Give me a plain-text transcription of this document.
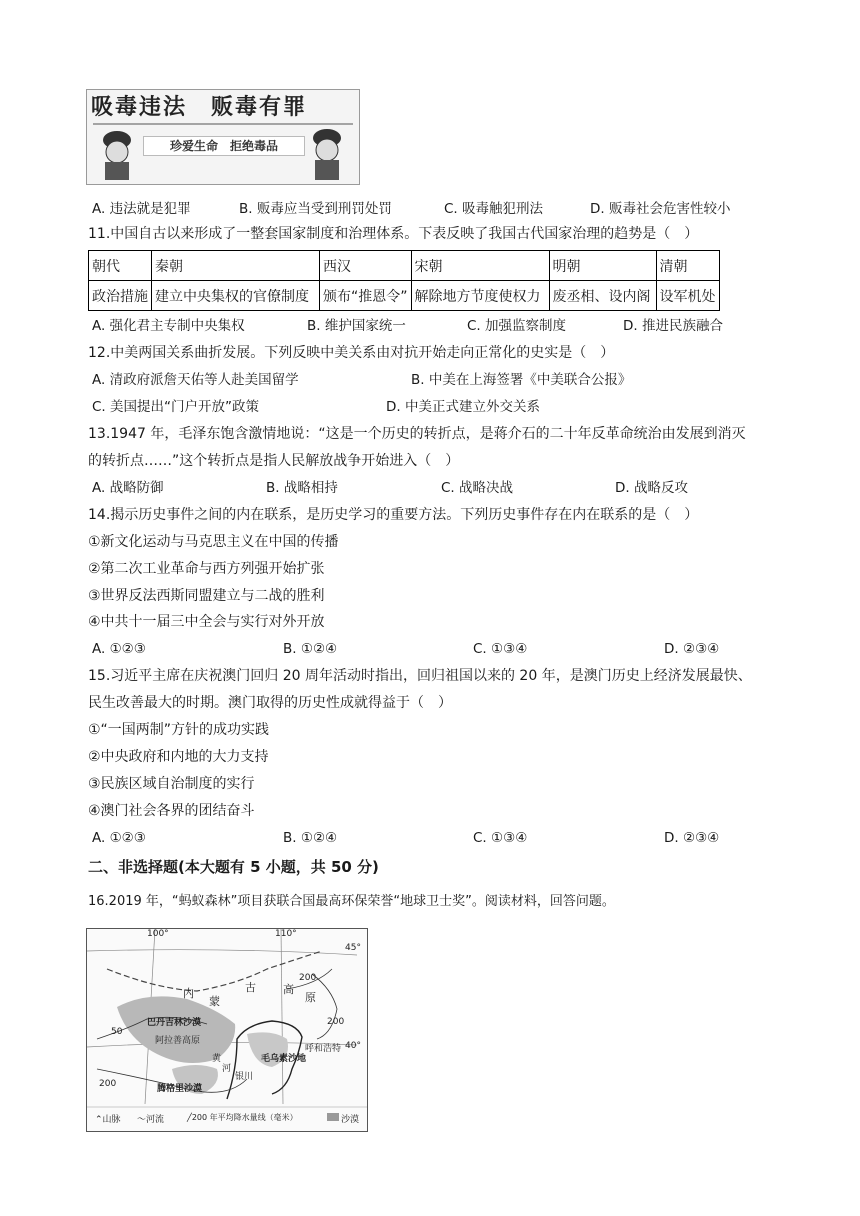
吸毒违法　贩毒有罪
珍爱生命　拒绝毒品
A. 违法就是犯罪	B. 贩毒应当受到刑罚处罚	C. 吸毒触犯刑法	D. 贩毒社会危害性较小
11.中国自古以来形成了一整套国家制度和治理体系。下表反映了我国古代国家治理的趋势是（　）
朝代	秦朝	西汉	宋朝	明朝	清朝
政治措施	建立中央集权的官僚制度	颁布“推恩令”	解除地方节度使权力	废丞相、设内阁	设军机处
A. 强化君主专制中央集权	B. 维护国家统一	C. 加强监察制度	D. 推进民族融合
12.中美两国关系曲折发展。下列反映中美关系由对抗开始走向正常化的史实是（　）
A. 清政府派詹天佑等人赴美国留学	B. 中美在上海签署《中美联合公报》
C. 美国提出“门户开放”政策	D. 中美正式建立外交关系
13.1947 年，毛泽东饱含激情地说：“这是一个历史的转折点，是蒋介石的二十年反革命统治由发展到消灭
的转折点……”这个转折点是指人民解放战争开始进入（　）
A. 战略防御	B. 战略相持	C. 战略决战	D. 战略反攻
14.揭示历史事件之间的内在联系，是历史学习的重要方法。下列历史事件存在内在联系的是（　）
①新文化运动与马克思主义在中国的传播
②第二次工业革命与西方列强开始扩张
③世界反法西斯同盟建立与二战的胜利
④中共十一届三中全会与实行对外开放
A. ①②③	B. ①②④	C. ①③④	D. ②③④
15.习近平主席在庆祝澳门回归 20 周年活动时指出，回归祖国以来的 20 年，是澳门历史上经济发展最快、
民生改善最大的时期。澳门取得的历史性成就得益于（　）
①“一国两制”方针的成功实践
②中央政府和内地的大力支持
③民族区域自治制度的实行
④澳门社会各界的团结奋斗
A. ①②③	B. ①②④	C. ①③④	D. ②③④
二、非选择题(本大题有 5 小题，共 50 分)
16.2019 年，“蚂蚁森林”项目获联合国最高环保荣誉“地球卫士奖”。阅读材料，回答问题。
100°	110°
45°
40°
内
蒙
古 高
原
巴丹吉林沙漠
阿拉善高原
腾格里沙漠
毛乌素沙地
银川
呼和浩特
黄
河
50
200
200
200
⌃山脉 〜河流	╱200 年平均降水量线（毫米）	沙漠
